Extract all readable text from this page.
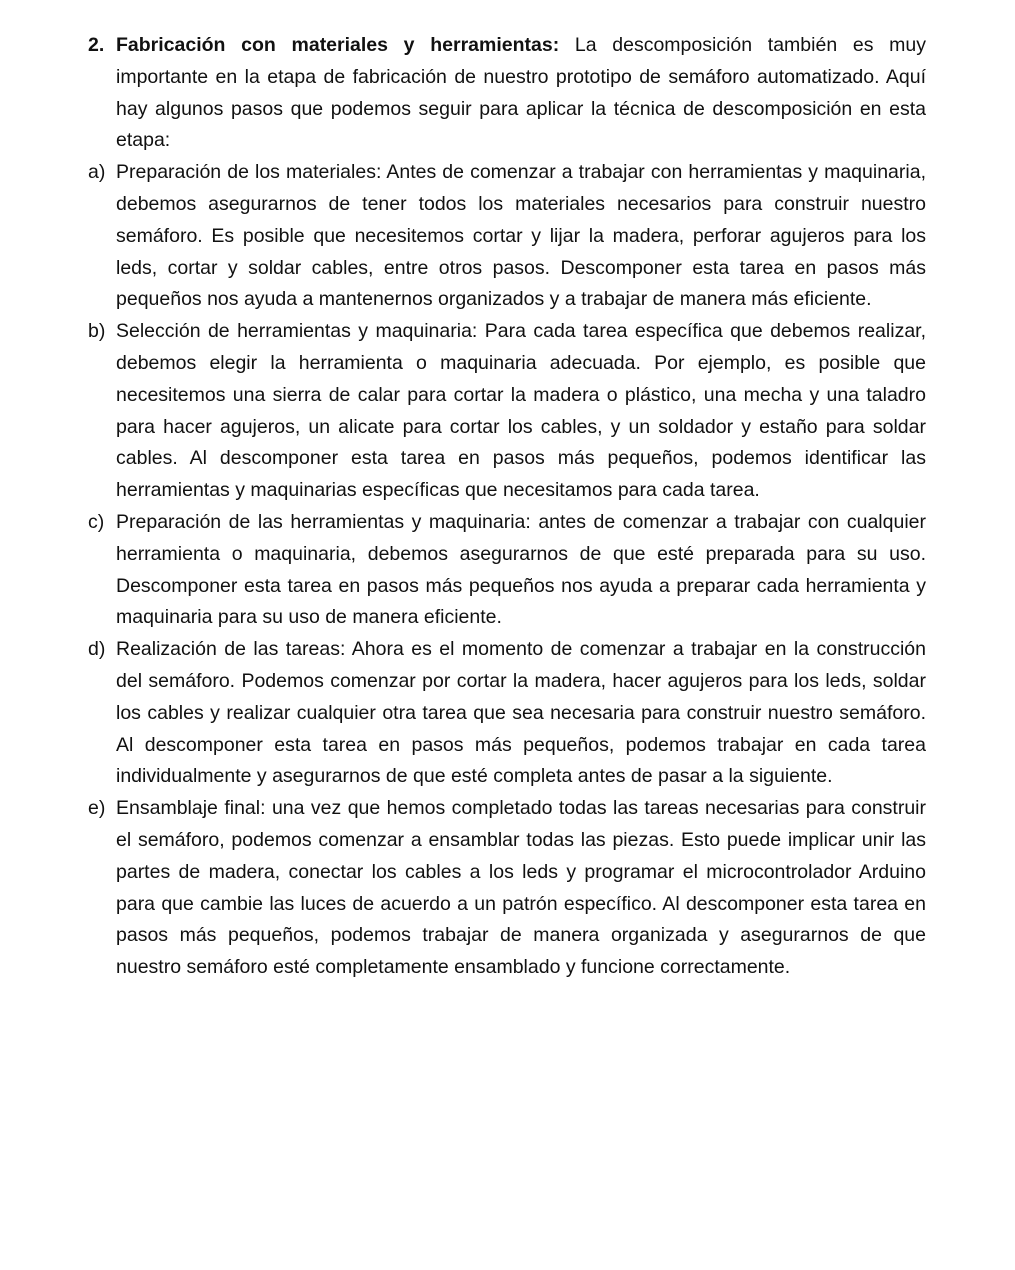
2. Fabricación con materiales y herramientas: La descomposición también es muy importante en la etapa de fabricación de nuestro prototipo de semáforo automatizado. Aquí hay algunos pasos que podemos seguir para aplicar la técnica de descomposición en esta etapa:
a) Preparación de los materiales: Antes de comenzar a trabajar con herramientas y maquinaria, debemos asegurarnos de tener todos los materiales necesarios para construir nuestro semáforo. Es posible que necesitemos cortar y lijar la madera, perforar agujeros para los leds, cortar y soldar cables, entre otros pasos. Descomponer esta tarea en pasos más pequeños nos ayuda a mantenernos organizados y a trabajar de manera más eficiente.
b) Selección de herramientas y maquinaria: Para cada tarea específica que debemos realizar, debemos elegir la herramienta o maquinaria adecuada. Por ejemplo, es posible que necesitemos una sierra de calar para cortar la madera o plástico, una mecha y una taladro para hacer agujeros, un alicate para cortar los cables, y un soldador y estaño para soldar cables. Al descomponer esta tarea en pasos más pequeños, podemos identificar las herramientas y maquinarias específicas que necesitamos para cada tarea.
c) Preparación de las herramientas y maquinaria: antes de comenzar a trabajar con cualquier herramienta o maquinaria, debemos asegurarnos de que esté preparada para su uso. Descomponer esta tarea en pasos más pequeños nos ayuda a preparar cada herramienta y maquinaria para su uso de manera eficiente.
d) Realización de las tareas: Ahora es el momento de comenzar a trabajar en la construcción del semáforo. Podemos comenzar por cortar la madera, hacer agujeros para los leds, soldar los cables y realizar cualquier otra tarea que sea necesaria para construir nuestro semáforo. Al descomponer esta tarea en pasos más pequeños, podemos trabajar en cada tarea individualmente y asegurarnos de que esté completa antes de pasar a la siguiente.
e) Ensamblaje final: una vez que hemos completado todas las tareas necesarias para construir el semáforo, podemos comenzar a ensamblar todas las piezas. Esto puede implicar unir las partes de madera, conectar los cables a los leds y programar el microcontrolador Arduino para que cambie las luces de acuerdo a un patrón específico. Al descomponer esta tarea en pasos más pequeños, podemos trabajar de manera organizada y asegurarnos de que nuestro semáforo esté completamente ensamblado y funcione correctamente.
